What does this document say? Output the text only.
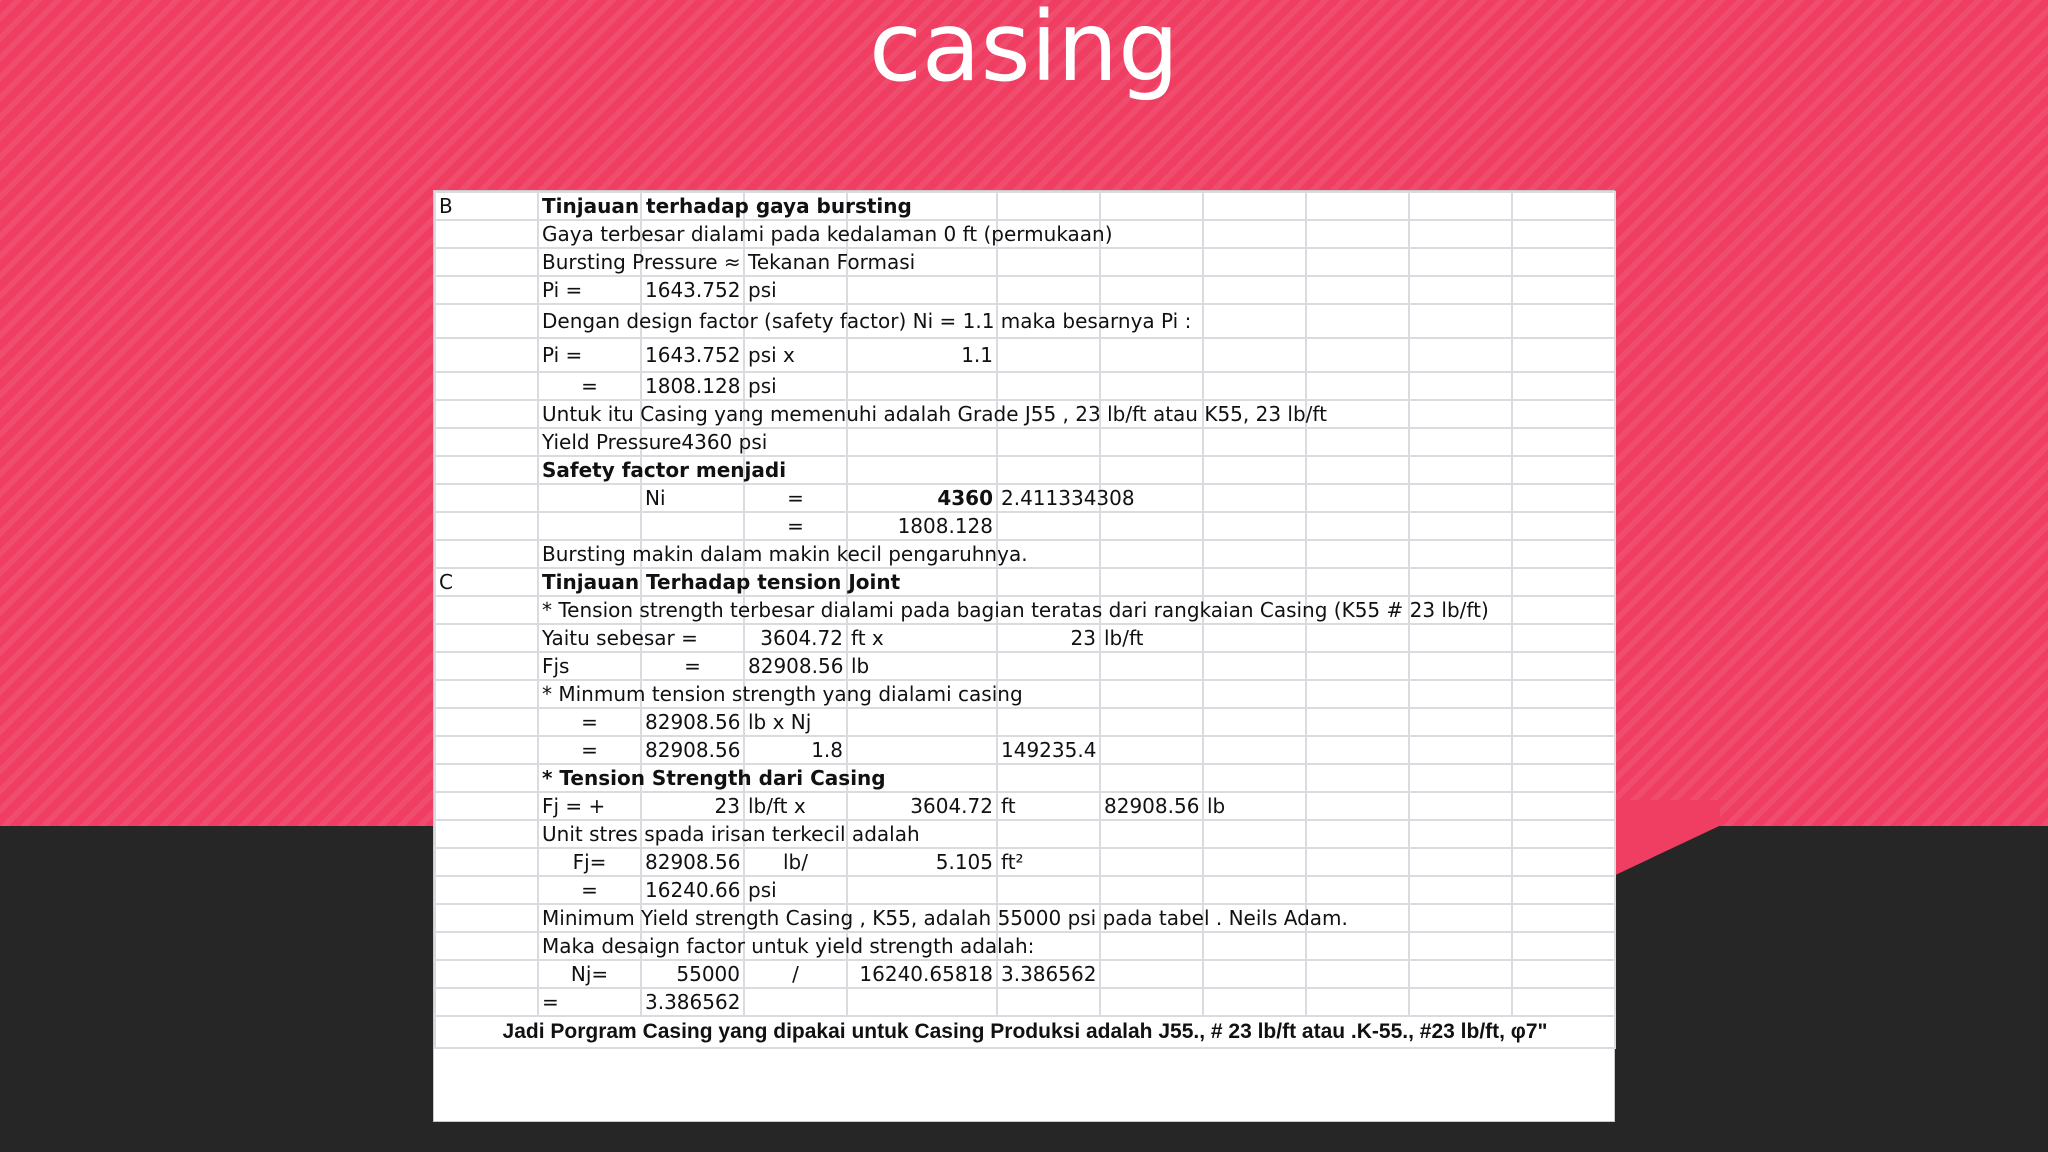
casing
B	Tinjauan terhadap gaya bursting									
	Gaya terbesar dialami pada kedalaman 0 ft (permukaan)									
	Bursting Pressure ≈		Tekanan Formasi							
	Pi =	1643.752	psi							
	Dengan design factor (safety factor) Ni = 1.1 maka besarnya Pi :									
	Pi =	1643.752	psi x	1.1						
	=	1808.128	psi							
	Untuk itu Casing yang memenuhi adalah Grade J55 , 23 lb/ft atau K55, 23 lb/ft									
	Yield Pressure4360 psi									
	Safety factor menjadi									
		Ni	=	4360	2.411334308					
			=	1808.128						
	Bursting makin dalam makin kecil pengaruhnya.									
C	Tinjauan Terhadap tension Joint									
	* Tension strength terbesar dialami pada bagian teratas dari rangkaian Casing (K55 # 23 lb/ft)									
	Yaitu sebesar =		3604.72	ft x	23	lb/ft				
	Fjs	=	82908.56	lb						
	* Minmum tension strength yang dialami casing									
	=	82908.56	lb x Nj							
	=	82908.56	1.8		149235.4					
	* Tension Strength dari Casing									
	Fj = +	23	lb/ft x	3604.72	ft	82908.56	lb			
	Unit stres spada irisan terkecil adalah									
	Fj=	82908.56	lb/	5.105	ft²					
	=	16240.66	psi							
	Minimum Yield strength Casing , K55, adalah 55000 psi pada tabel . Neils Adam.									
	Maka desaign factor untuk yield strength adalah:									
	Nj=	55000	/	16240.65818	3.386562					
	=	3.386562								
Jadi Porgram Casing yang dipakai untuk Casing Produksi adalah J55., # 23 lb/ft atau .K-55., #23 lb/ft, φ7"										
